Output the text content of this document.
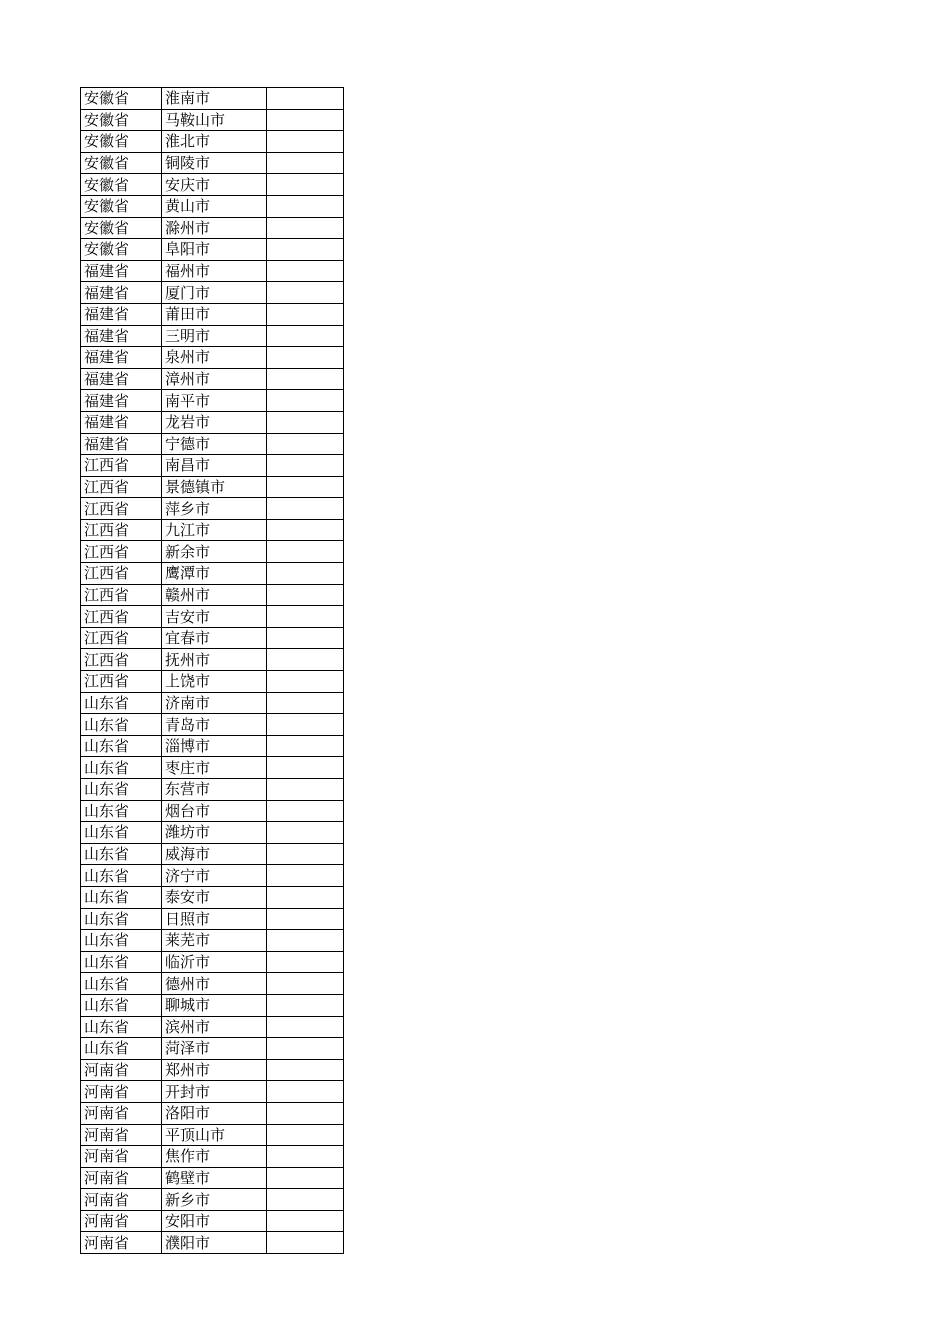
安徽省	淮南市	
安徽省	马鞍山市	
安徽省	淮北市	
安徽省	铜陵市	
安徽省	安庆市	
安徽省	黄山市	
安徽省	滁州市	
安徽省	阜阳市	
福建省	福州市	
福建省	厦门市	
福建省	莆田市	
福建省	三明市	
福建省	泉州市	
福建省	漳州市	
福建省	南平市	
福建省	龙岩市	
福建省	宁德市	
江西省	南昌市	
江西省	景德镇市	
江西省	萍乡市	
江西省	九江市	
江西省	新余市	
江西省	鹰潭市	
江西省	赣州市	
江西省	吉安市	
江西省	宜春市	
江西省	抚州市	
江西省	上饶市	
山东省	济南市	
山东省	青岛市	
山东省	淄博市	
山东省	枣庄市	
山东省	东营市	
山东省	烟台市	
山东省	潍坊市	
山东省	威海市	
山东省	济宁市	
山东省	泰安市	
山东省	日照市	
山东省	莱芜市	
山东省	临沂市	
山东省	德州市	
山东省	聊城市	
山东省	滨州市	
山东省	菏泽市	
河南省	郑州市	
河南省	开封市	
河南省	洛阳市	
河南省	平顶山市	
河南省	焦作市	
河南省	鹤壁市	
河南省	新乡市	
河南省	安阳市	
河南省	濮阳市	
